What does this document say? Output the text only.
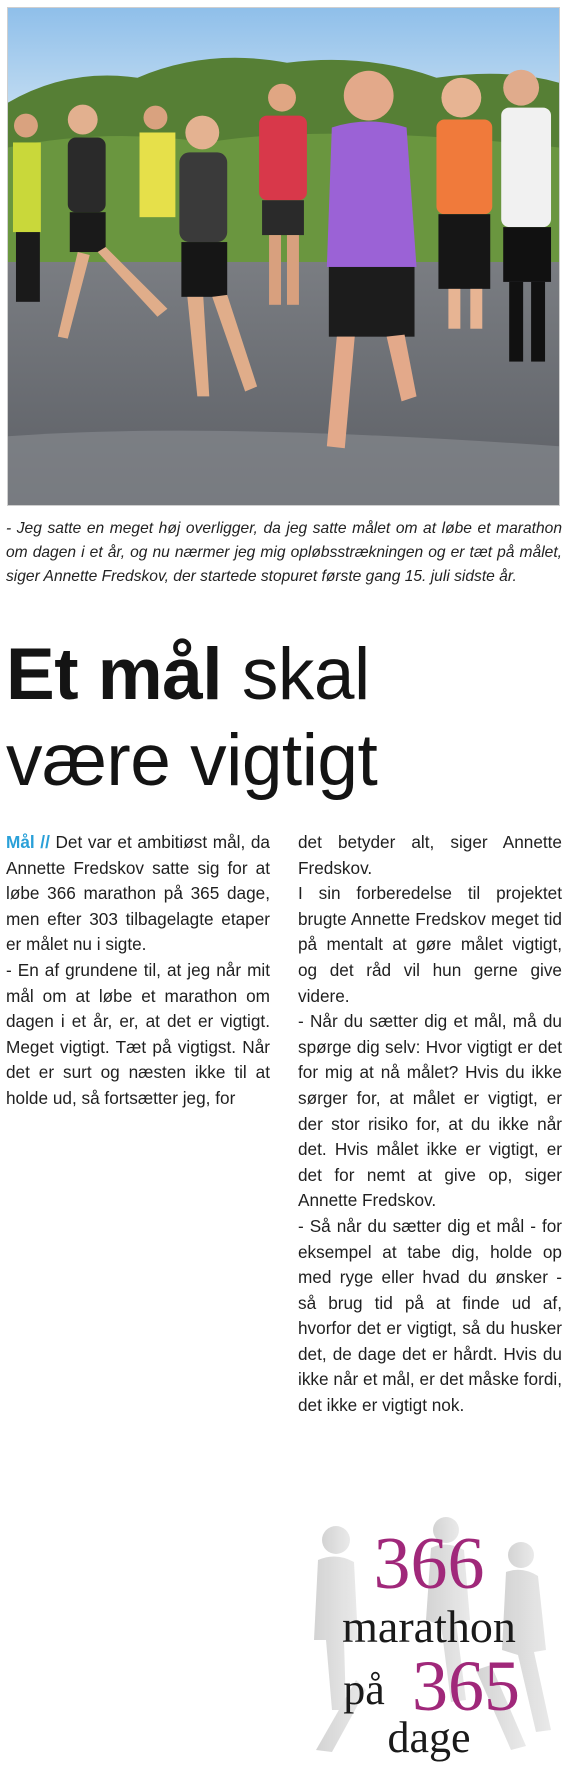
- Jeg satte en meget høj overligger, da jeg satte målet om at løbe et marathon om dagen i et år, og nu nærmer jeg mig opløbsstrækningen og er tæt på målet, siger Annette Fredskov, der startede stopuret første gang 15. juli sidste år.
Et mål skal
være vigtigt

Mål // Det var et ambitiøst mål, da Annette Fredskov satte sig for at løbe 366 marathon på 365 dage, men efter 303 tilbagelagte etaper er målet nu i sigte.

- En af grundene til, at jeg når mit mål om at løbe et marathon om dagen i et år, er, at det er vigtigt. Meget vigtigt. Tæt på vigtigst. Når det er surt og næsten ikke til at holde ud, så fortsætter jeg, for

det betyder alt, siger Annette Fredskov.

I sin forberedelse til projektet brugte Annette Fredskov meget tid på mentalt at gøre målet vigtigt, og det råd vil hun gerne give videre.

- Når du sætter dig et mål, må du spørge dig selv: Hvor vigtigt er det for mig at nå målet? Hvis du ikke sørger for, at målet er vigtigt, er der stor risiko for, at du ikke når det. Hvis målet ikke er vigtigt, er det for nemt at give op, siger Annette Fredskov.

- Så når du sætter dig et mål - for eksempel at tabe dig, holde op med ryge eller hvad du ønsker - så brug tid på at finde ud af, hvorfor det er vigtigt, så du husker det, de dage det er hårdt. Hvis du ikke når et mål, er det måske fordi, det ikke er vigtigt nok.

366
marathon
på 365
dage
